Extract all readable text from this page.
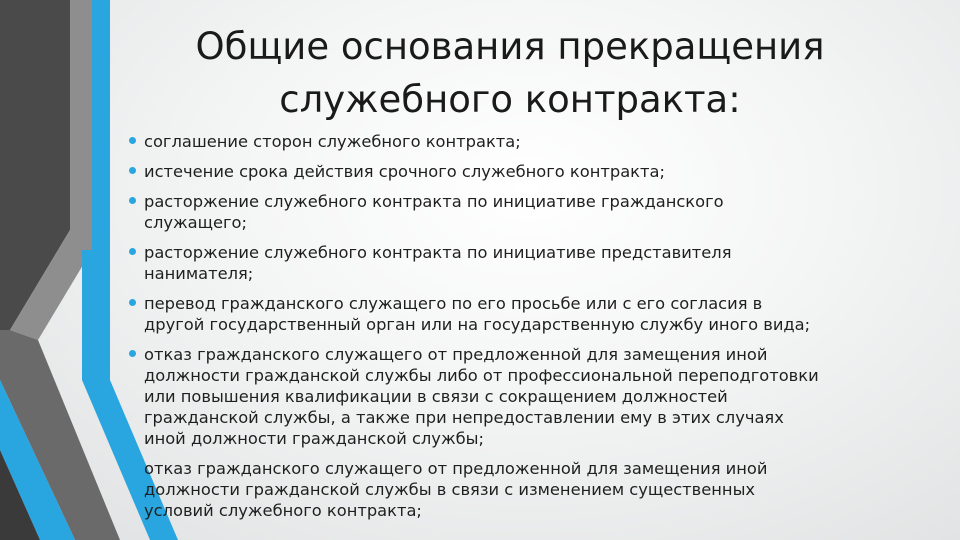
Общие основания прекращения
служебного контракта:
соглашение сторон служебного контракта;
истечение срока действия срочного служебного контракта;
расторжение служебного контракта по инициативе гражданского
служащего;
расторжение служебного контракта по инициативе представителя
нанимателя;
перевод гражданского служащего по его просьбе или с его согласия в
другой государственный орган или на государственную службу иного вида;
отказ гражданского служащего от предложенной для замещения иной
должности гражданской службы либо от профессиональной переподготовки
или повышения квалификации в связи с сокращением должностей
гражданской службы, а также при непредоставлении ему в этих случаях
иной должности гражданской службы;
отказ гражданского служащего от предложенной для замещения иной
должности гражданской службы в связи с изменением существенных
условий служебного контракта;
